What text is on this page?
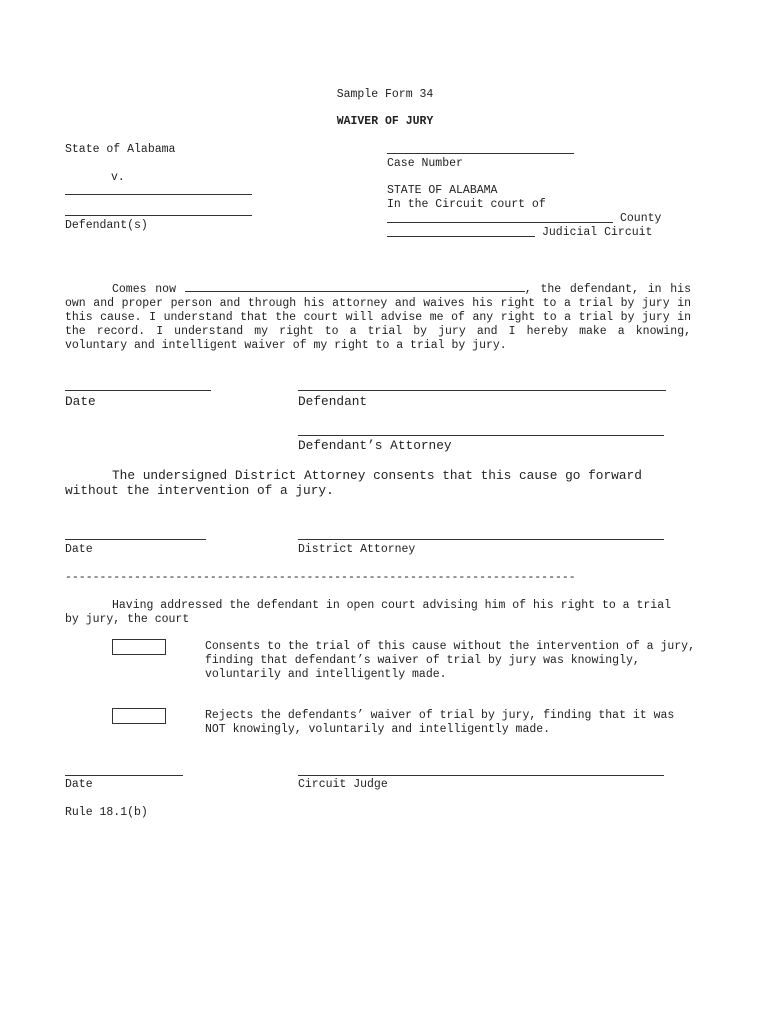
Sample Form 34
WAIVER OF JURY
State of Alabama
v.
Defendant(s)
Case Number
STATE OF ALABAMA
In the Circuit court of
County
Judicial Circuit
Comes now	, the defendant, in his own and proper person and through his attorney and waives his right to a trial by jury in this cause. I understand that the court will advise me of any right to a trial by jury in the record. I understand my right to a trial by jury and I hereby make a knowing, voluntary and intelligent waiver of my right to a trial by jury.
Date	Defendant
Defendant’s Attorney
The undersigned District Attorney consents that this cause go forward without the intervention of a jury.
Date	District Attorney
--------------------------------------------------------------------------
Having addressed the defendant in open court advising him of his right to a trial by jury, the court
Consents to the trial of this cause without the intervention of a jury, finding that defendant’s waiver of trial by jury was knowingly, voluntarily and intelligently made.
Rejects the defendants’ waiver of trial by jury, finding that it was NOT knowingly, voluntarily and intelligently made.
Date	Circuit Judge
Rule 18.1(b)
